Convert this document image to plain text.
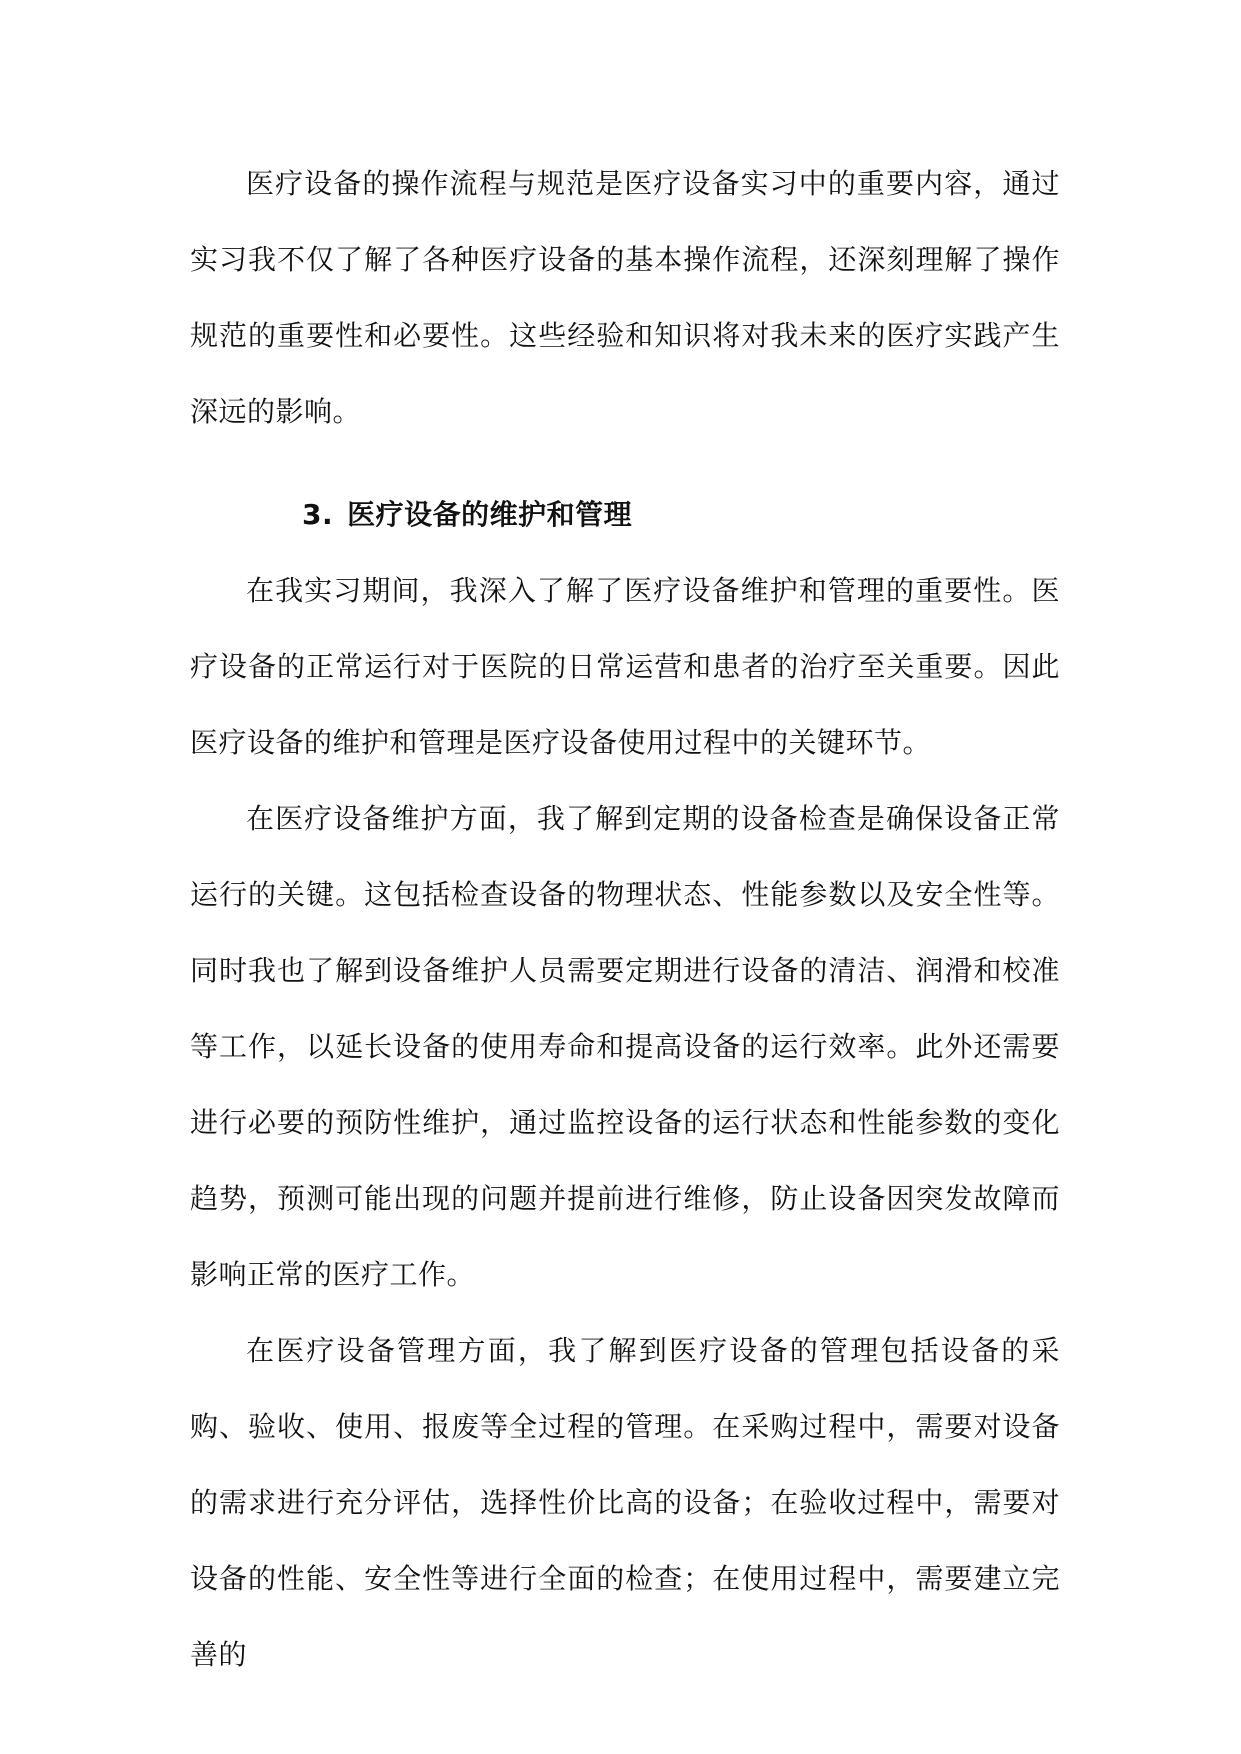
医疗设备的操作流程与规范是医疗设备实习中的重要内容，通过实习我不仅了解了各种医疗设备的基本操作流程，还深刻理解了操作规范的重要性和必要性。这些经验和知识将对我未来的医疗实践产生深远的影响。

3. 医疗设备的维护和管理

在我实习期间，我深入了解了医疗设备维护和管理的重要性。医疗设备的正常运行对于医院的日常运营和患者的治疗至关重要。因此医疗设备的维护和管理是医疗设备使用过程中的关键环节。

在医疗设备维护方面，我了解到定期的设备检查是确保设备正常运行的关键。这包括检查设备的物理状态、性能参数以及安全性等。同时我也了解到设备维护人员需要定期进行设备的清洁、润滑和校准等工作，以延长设备的使用寿命和提高设备的运行效率。此外还需要进行必要的预防性维护，通过监控设备的运行状态和性能参数的变化趋势，预测可能出现的问题并提前进行维修，防止设备因突发故障而影响正常的医疗工作。

在医疗设备管理方面，我了解到医疗设备的管理包括设备的采购、验收、使用、报废等全过程的管理。在采购过程中，需要对设备的需求进行充分评估，选择性价比高的设备；在验收过程中，需要对设备的性能、安全性等进行全面的检查；在使用过程中，需要建立完善的
